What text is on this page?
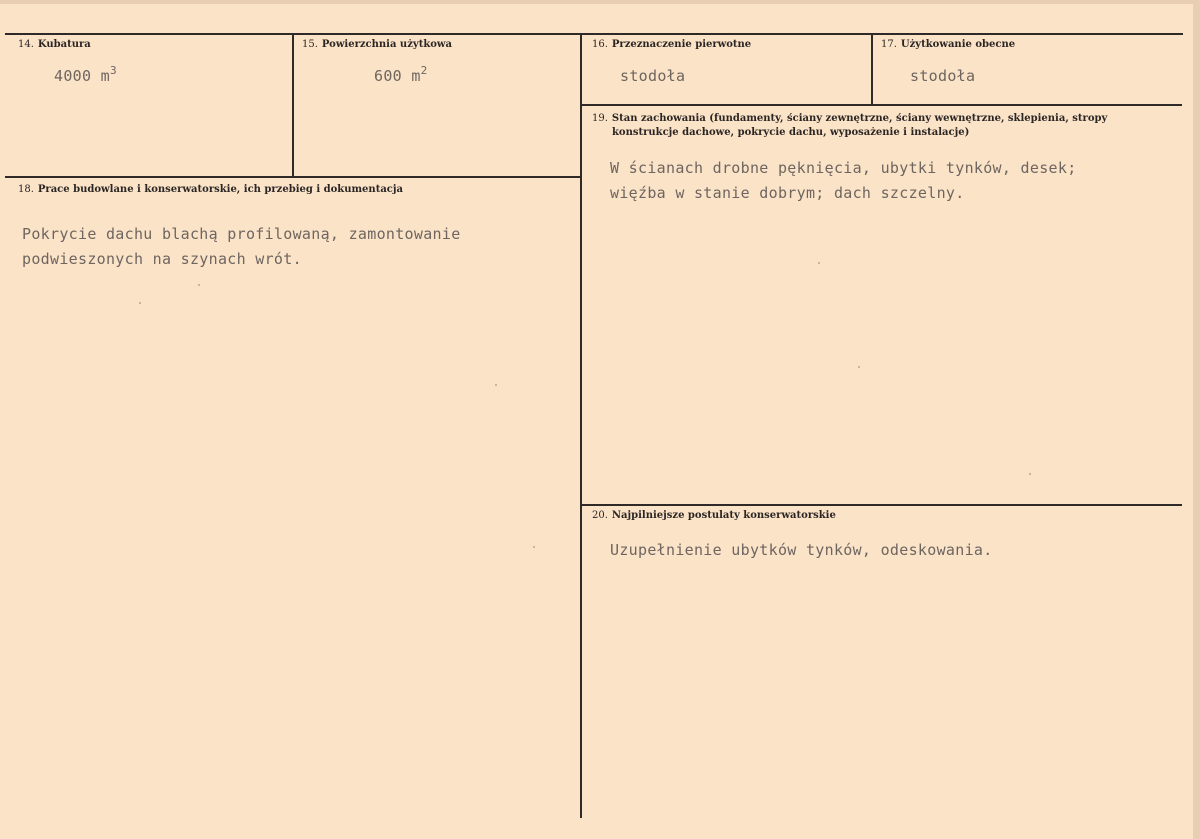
14. Kubatura
4000 $m^3$
15. Powierzchnia użytkowa
600 $m^2$
16. Przeznaczenie pierwotne
stodoła
17. Użytkowanie obecne
stodoła
19. Stan zachowania (fundamenty, ściany zewnętrzne, ściany wewnętrzne, sklepienia, stropy
konstrukcje dachowe, pokrycie dachu, wyposażenie i instalacje)
W ścianach drobne pęknięcia, ubytki tynków, desek;
więźba w stanie dobrym; dach szczelny.
18. Prace budowlane i konserwatorskie, ich przebieg i dokumentacja
Pokrycie dachu blachą profilowaną, zamontowanie
podwieszonych na szynach wrót.
20. Najpilniejsze postulaty konserwatorskie
Uzupełnienie ubytków tynków, odeskowania.
